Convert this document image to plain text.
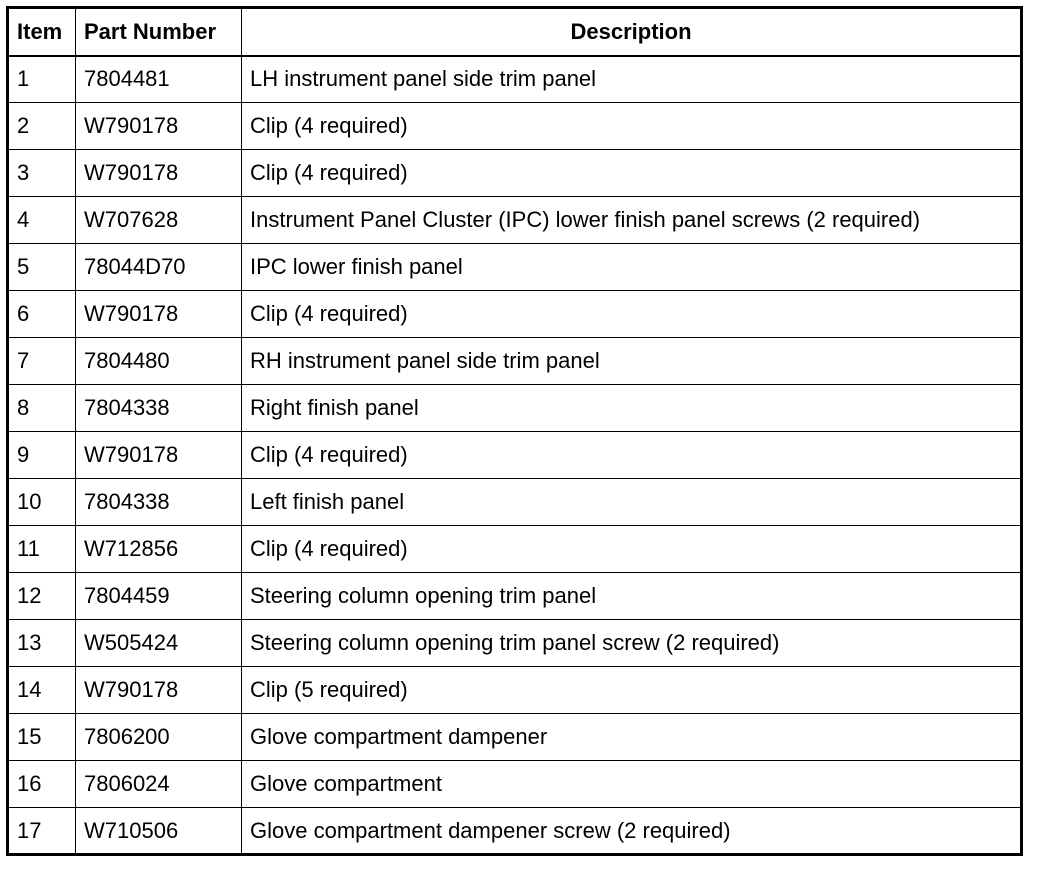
Item	Part Number	Description
1	7804481	LH instrument panel side trim panel
2	W790178	Clip (4 required)
3	W790178	Clip (4 required)
4	W707628	Instrument Panel Cluster (IPC) lower finish panel screws (2 required)
5	78044D70	IPC lower finish panel
6	W790178	Clip (4 required)
7	7804480	RH instrument panel side trim panel
8	7804338	Right finish panel
9	W790178	Clip (4 required)
10	7804338	Left finish panel
11	W712856	Clip (4 required)
12	7804459	Steering column opening trim panel
13	W505424	Steering column opening trim panel screw (2 required)
14	W790178	Clip (5 required)
15	7806200	Glove compartment dampener
16	7806024	Glove compartment
17	W710506	Glove compartment dampener screw (2 required)
